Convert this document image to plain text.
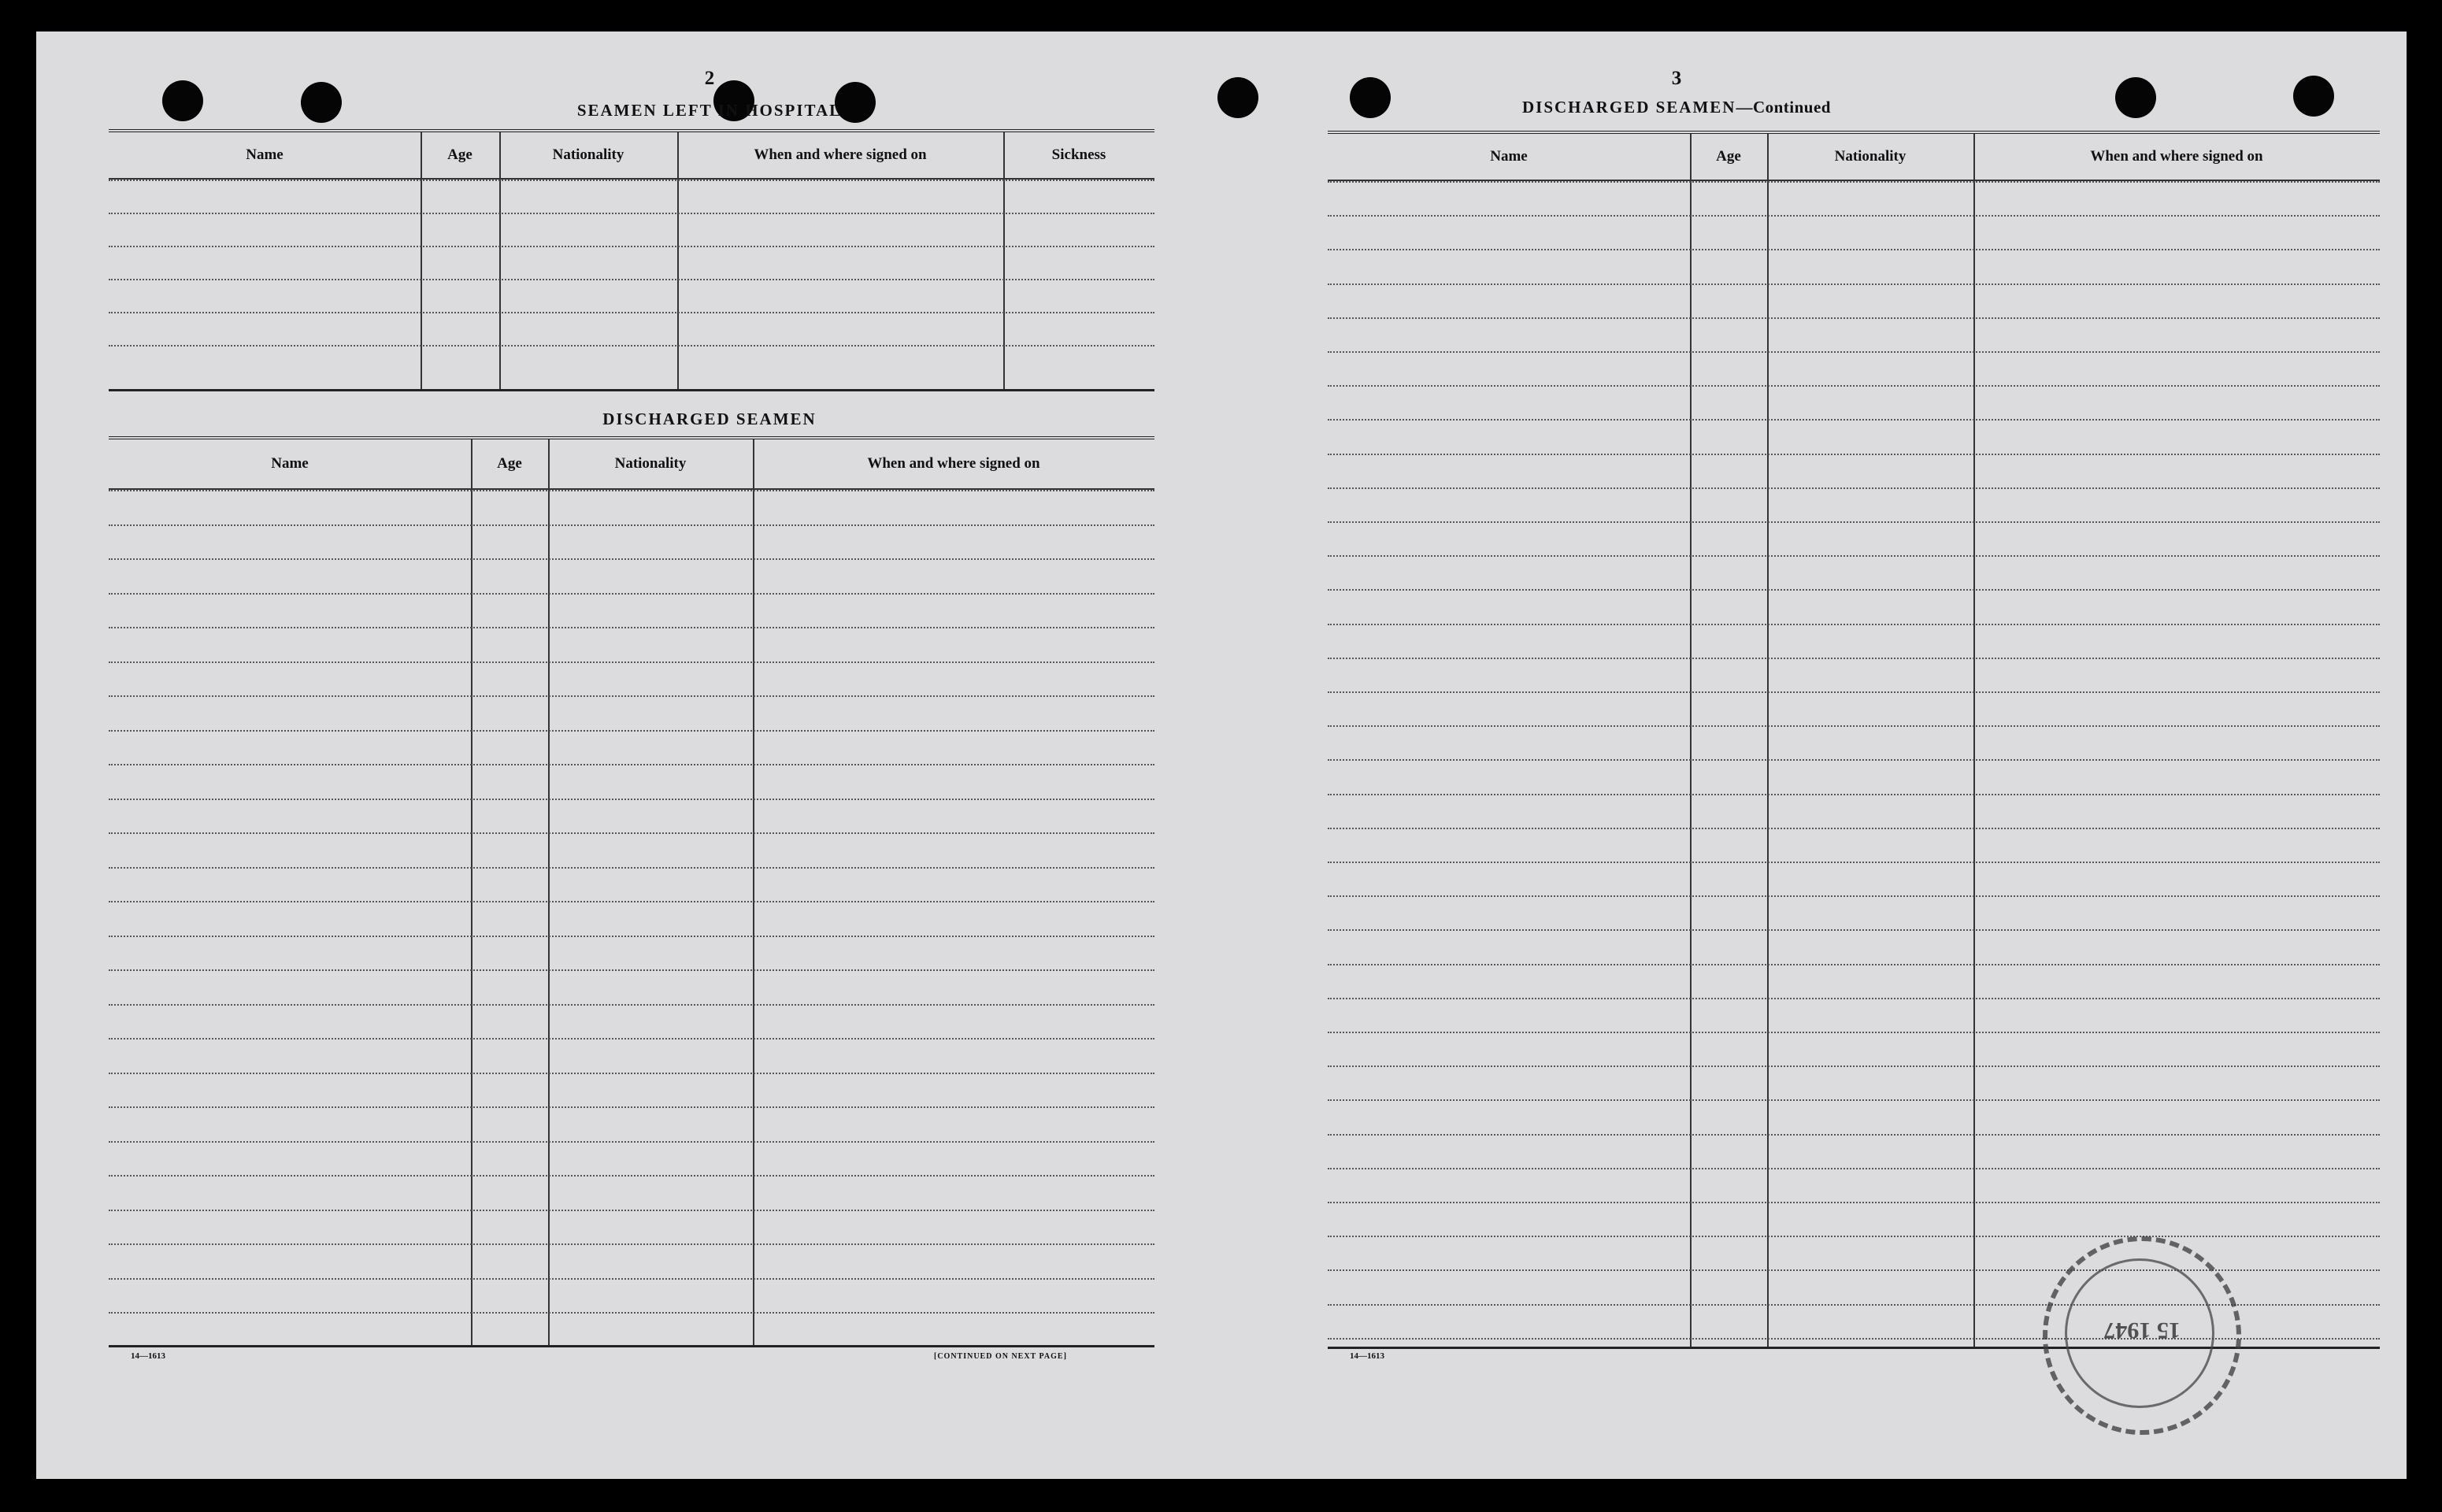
2
SEAMEN LEFT IN HOSPITAL
Name	Age	Nationality	When and where signed on	Sickness
DISCHARGED SEAMEN
Name	Age	Nationality	When and where signed on
14—1613	[CONTINUED ON NEXT PAGE]
3
DISCHARGED SEAMEN—Continued
Name	Age	Nationality	When and where signed on
14—1613
15 1947
